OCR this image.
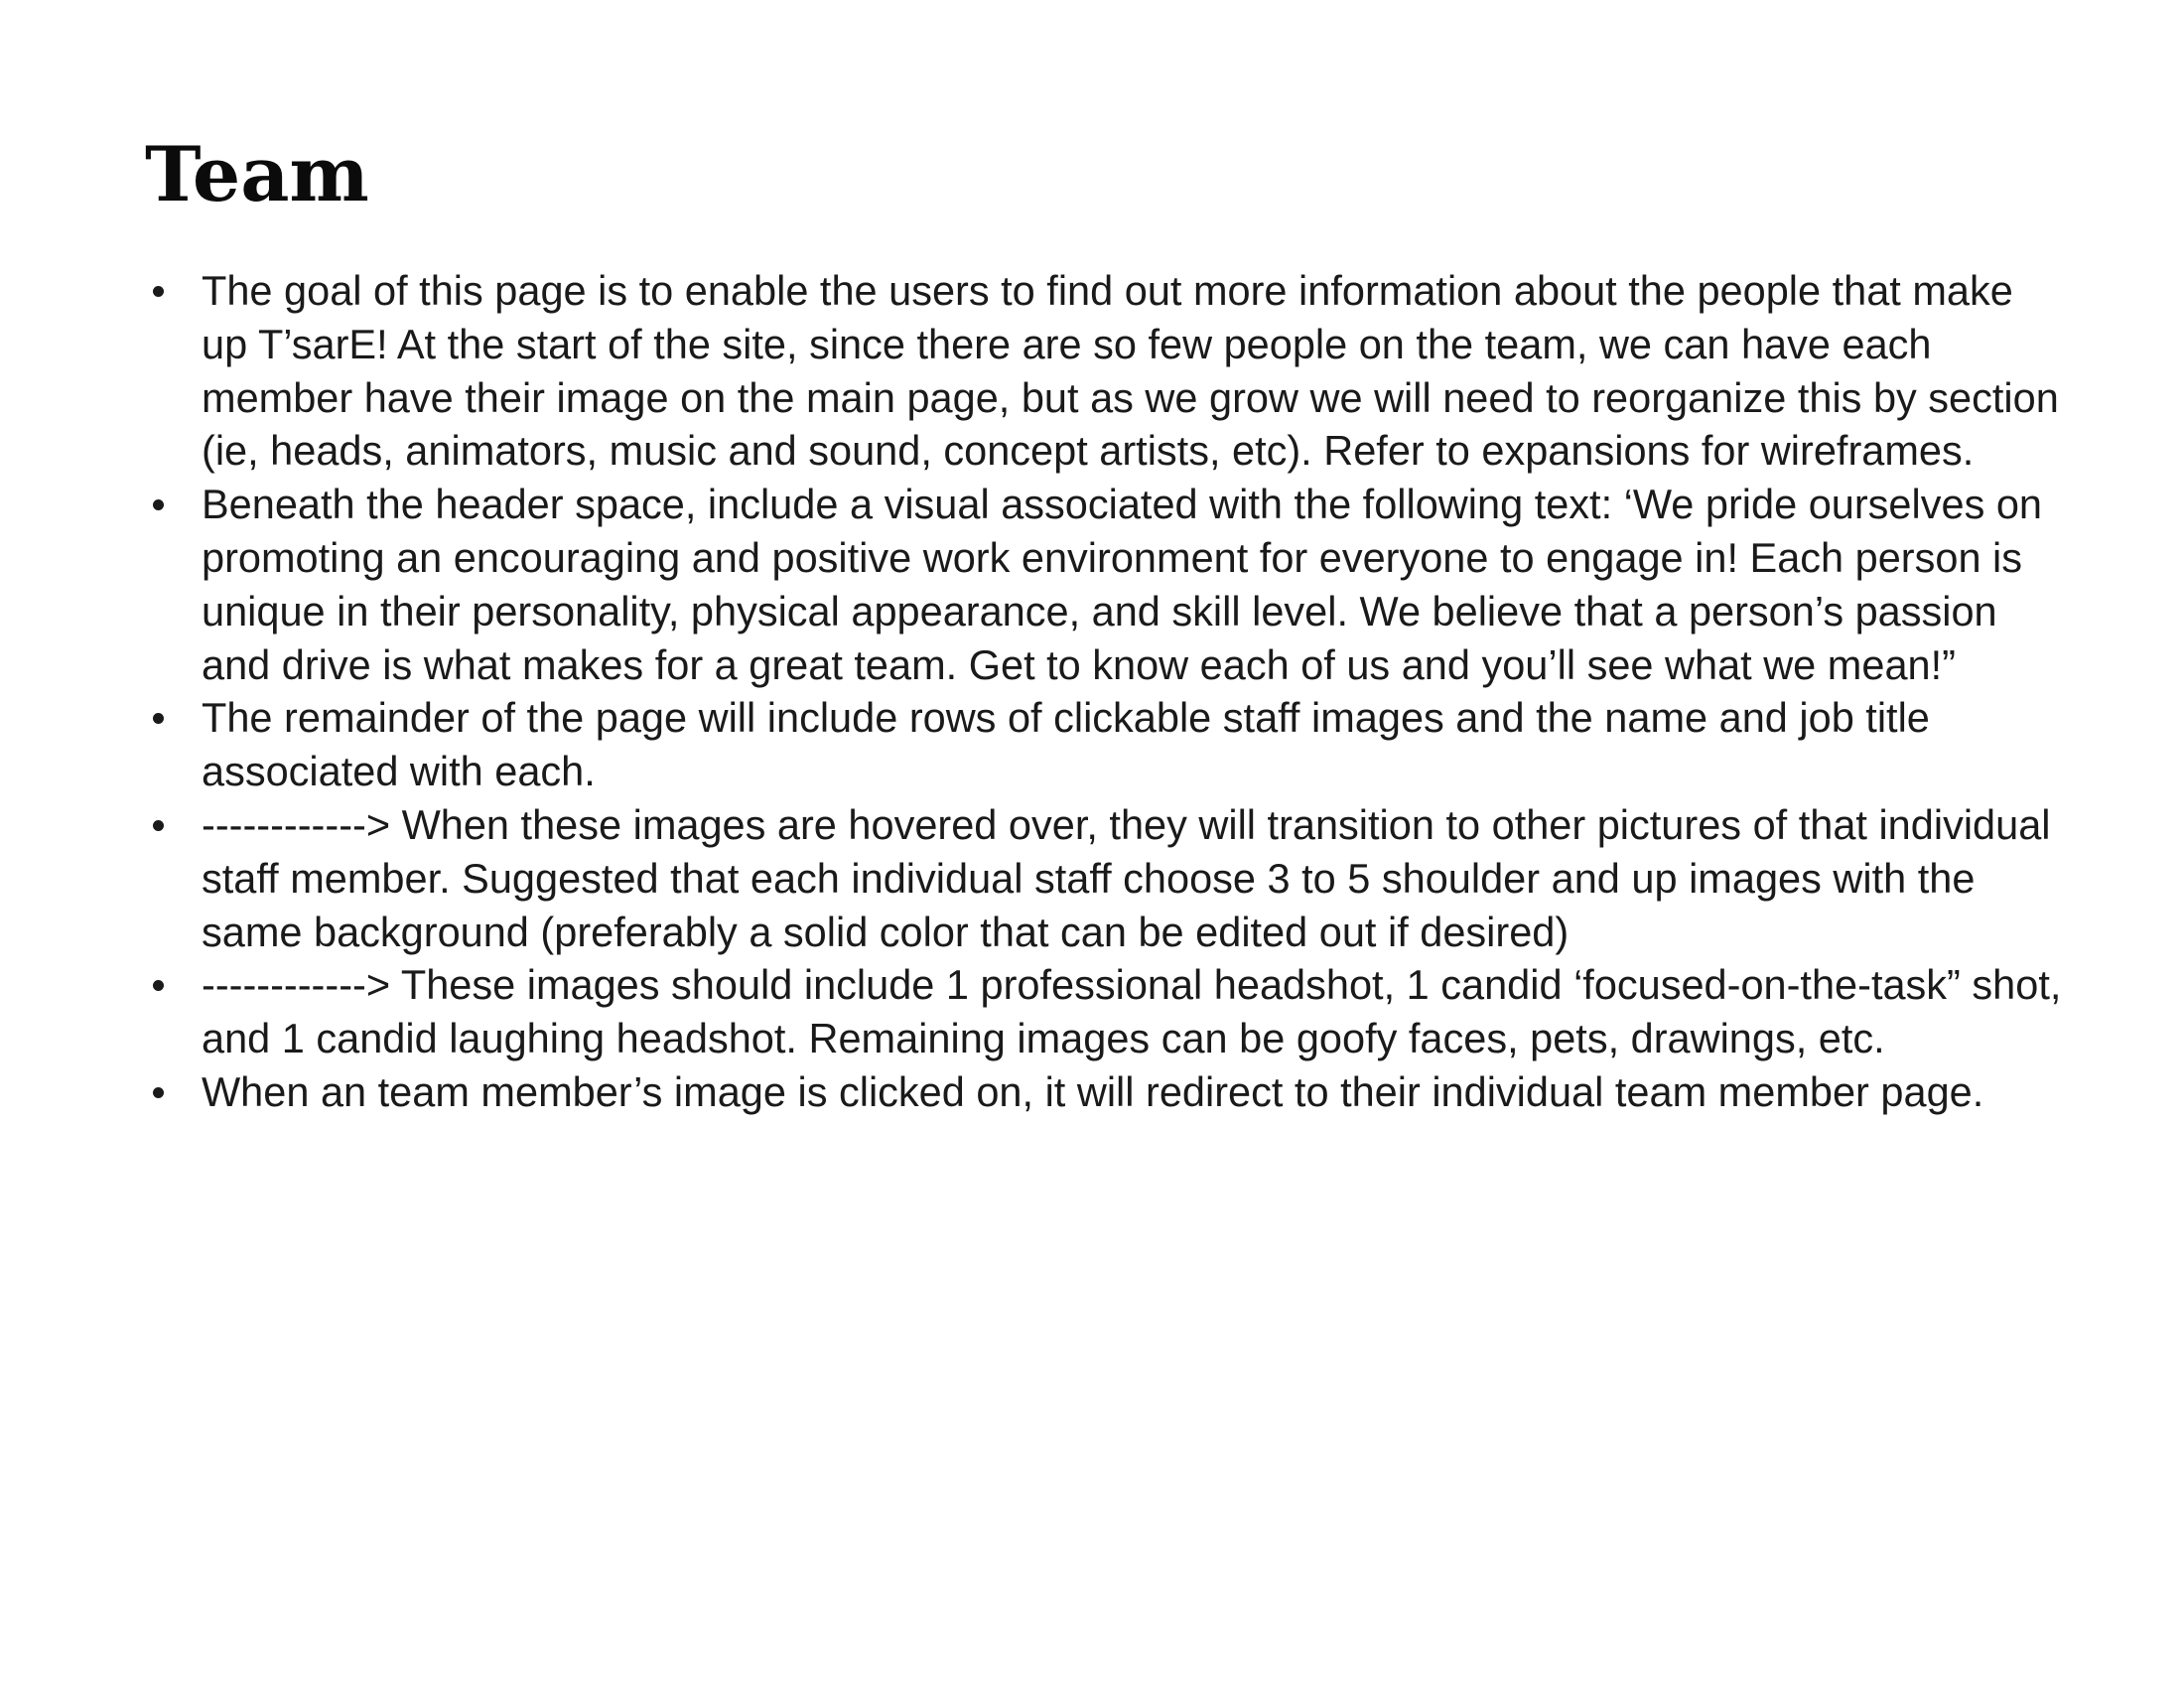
Team
The goal of this page is to enable the users to find out more information about the people that make up T’sarE! At the start of the site, since there are so few people on the team, we can have each member have their image on the main page, but as we grow we will need to reorganize this by section (ie, heads, animators, music and sound, concept artists, etc). Refer to expansions for wireframes.
Beneath the header space, include a visual associated with the following text: ‘We pride ourselves on promoting an encouraging and positive work environment for everyone to engage in! Each person is unique in their personality, physical appearance, and skill level. We believe that a person’s passion and drive is what makes for a great team. Get to know each of us and you’ll see what we mean!”
The remainder of the page will include rows of clickable staff images and the name and job title associated with each.
------------> When these images are hovered over, they will transition to other pictures of that individual staff member. Suggested that each individual staff choose 3 to 5 shoulder and up images with the same background (preferably a solid color that can be edited out if desired)
------------> These images should include 1 professional headshot, 1 candid ‘focused-on-the-task” shot, and 1 candid laughing headshot. Remaining images can be goofy faces, pets, drawings, etc.
When an team member’s image is clicked on, it will redirect to their individual team member page.
